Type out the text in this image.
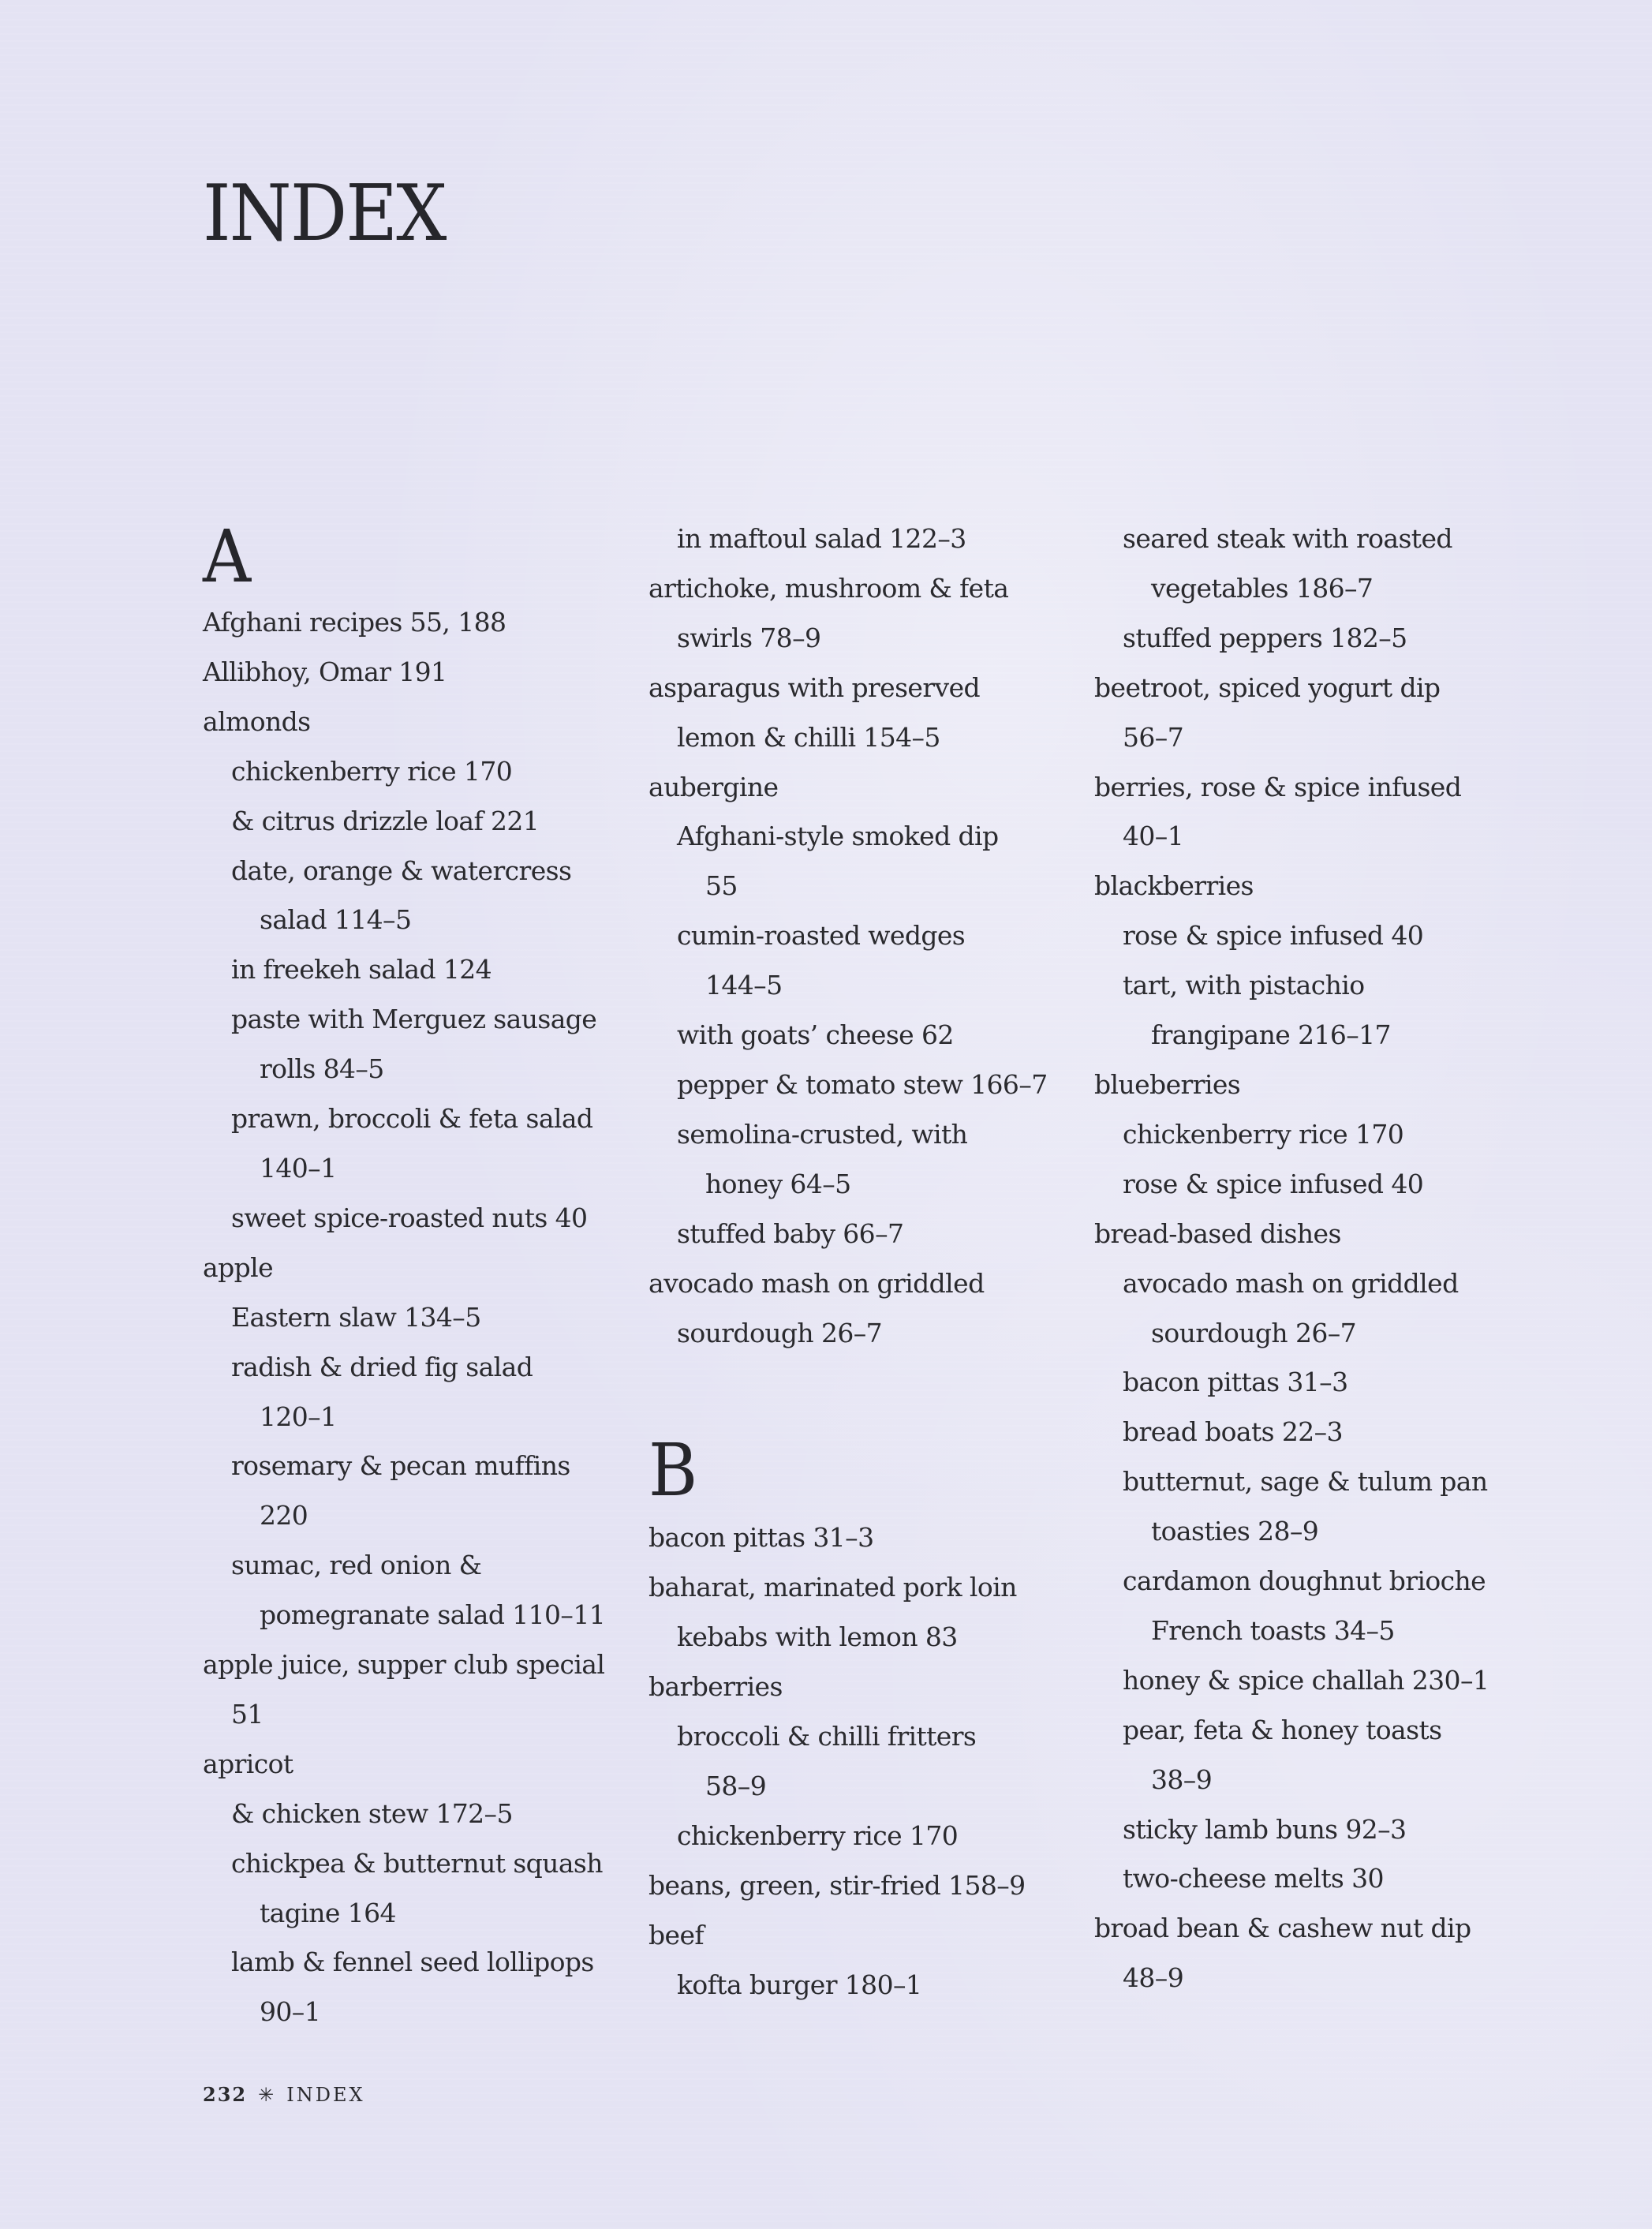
INDEX
A
Afghani recipes 55, 188
Allibhoy, Omar 191
almonds
chickenberry rice 170
& citrus drizzle loaf 221
date, orange & watercress
salad 114–5
in freekeh salad 124
paste with Merguez sausage
rolls 84–5
prawn, broccoli & feta salad
140–1
sweet spice-roasted nuts 40
apple
Eastern slaw 134–5
radish & dried fig salad
120–1
rosemary & pecan muffins
220
sumac, red onion &
pomegranate salad 110–11
apple juice, supper club special
51
apricot
& chicken stew 172–5
chickpea & butternut squash
tagine 164
lamb & fennel seed lollipops
90–1
in maftoul salad 122–3
artichoke, mushroom & feta
swirls 78–9
asparagus with preserved
lemon & chilli 154–5
aubergine
Afghani-style smoked dip
55
cumin-roasted wedges
144–5
with goats’ cheese 62
pepper & tomato stew 166–7
semolina-crusted, with
honey 64–5
stuffed baby 66–7
avocado mash on griddled
sourdough 26–7
B
bacon pittas 31–3
baharat, marinated pork loin
kebabs with lemon 83
barberries
broccoli & chilli fritters
58–9
chickenberry rice 170
beans, green, stir-fried 158–9
beef
kofta burger 180–1
seared steak with roasted
vegetables 186–7
stuffed peppers 182–5
beetroot, spiced yogurt dip
56–7
berries, rose & spice infused
40–1
blackberries
rose & spice infused 40
tart, with pistachio
frangipane 216–17
blueberries
chickenberry rice 170
rose & spice infused 40
bread-based dishes
avocado mash on griddled
sourdough 26–7
bacon pittas 31–3
bread boats 22–3
butternut, sage & tulum pan
toasties 28–9
cardamon doughnut brioche
French toasts 34–5
honey & spice challah 230–1
pear, feta & honey toasts
38–9
sticky lamb buns 92–3
two-cheese melts 30
broad bean & cashew nut dip
48–9
232 ✳ INDEX
